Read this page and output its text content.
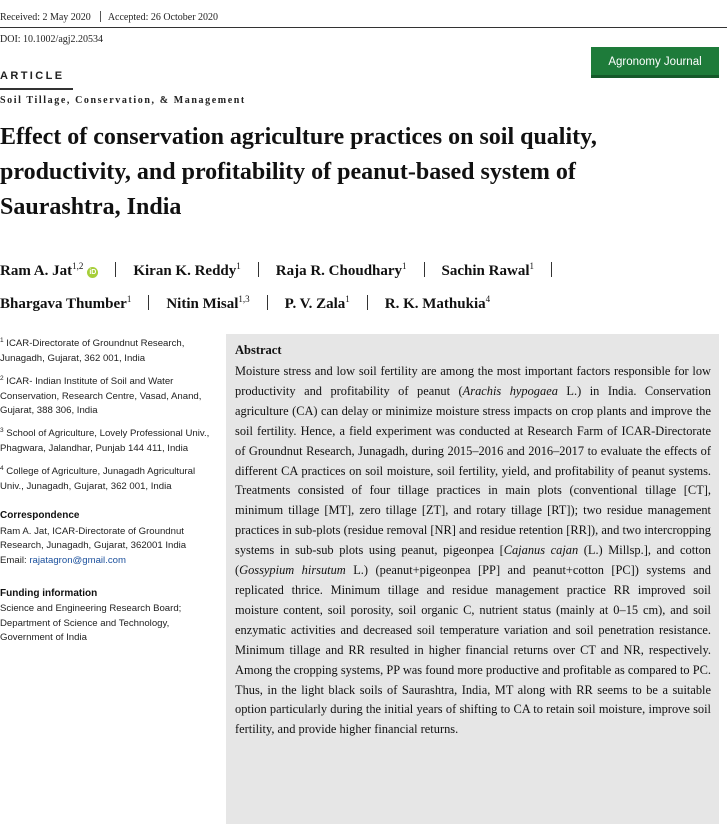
Received: 2 May 2020 Accepted: 26 October 2020
DOI: 10.1002/agj2.20534
Agronomy Journal
ARTICLE
Soil Tillage, Conservation, & Management
Effect of conservation agriculture practices on soil quality, productivity, and profitability of peanut-based system of Saurashtra, India
Ram A. Jat$^{1,2}$iD Kiran K. Reddy$^1$ Raja R. Choudhary$^1$ Sachin Rawal$^1$
Bhargava Thumber$^1$ Nitin Misal$^{1,3}$ P. V. Zala$^1$ R. K. Mathukia$^4$
$^1$ ICAR-Directorate of Groundnut Research, Junagadh, Gujarat, 362 001, India
$^2$ ICAR- Indian Institute of Soil and Water Conservation, Research Centre, Vasad, Anand, Gujarat, 388 306, India
$^3$ School of Agriculture, Lovely Professional Univ., Phagwara, Jalandhar, Punjab 144 411, India
$^4$ College of Agriculture, Junagadh Agricultural Univ., Junagadh, Gujarat, 362 001, India
Correspondence
Ram A. Jat, ICAR-Directorate of Groundnut Research, Junagadh, Gujarat, 362001 India
Email: rajatagron@gmail.com
Funding information
Science and Engineering Research Board; Department of Science and Technology, Government of India
Abstract

Moisture stress and low soil fertility are among the most important factors responsible for low productivity and profitability of peanut (Arachis hypogaea L.) in India. Conservation agriculture (CA) can delay or minimize moisture stress impacts on crop plants and improve the soil fertility. Hence, a field experiment was conducted at Research Farm of ICAR-Directorate of Groundnut Research, Junagadh, during 2015–2016 and 2016–2017 to evaluate the effects of different CA practices on soil moisture, soil fertility, yield, and profitability of peanut systems. Treatments consisted of four tillage practices in main plots (conventional tillage [CT], minimum tillage [MT], zero tillage [ZT], and rotary tillage [RT]); two residue management practices in sub-plots (residue removal [NR] and residue retention [RR]), and two intercropping systems in sub-sub plots using peanut, pigeonpea [Cajanus cajan (L.) Millsp.], and cotton (Gossypium hirsutum L.) (peanut+pigeonpea [PP] and peanut+cotton [PC]) systems and replicated thrice. Minimum tillage and residue management practice RR improved soil moisture content, soil porosity, soil organic C, nutrient status (mainly at 0–15 cm), and soil enzymatic activities and decreased soil temperature variation and soil penetration resistance. Minimum tillage and RR resulted in higher financial returns over CT and NR, respectively. Among the cropping systems, PP was found more productive and profitable as compared to PC. Thus, in the light black soils of Saurashtra, India, MT along with RR seems to be a suitable option particularly during the initial years of shifting to CA to retain soil moisture, improve soil fertility, and provide higher financial returns.
